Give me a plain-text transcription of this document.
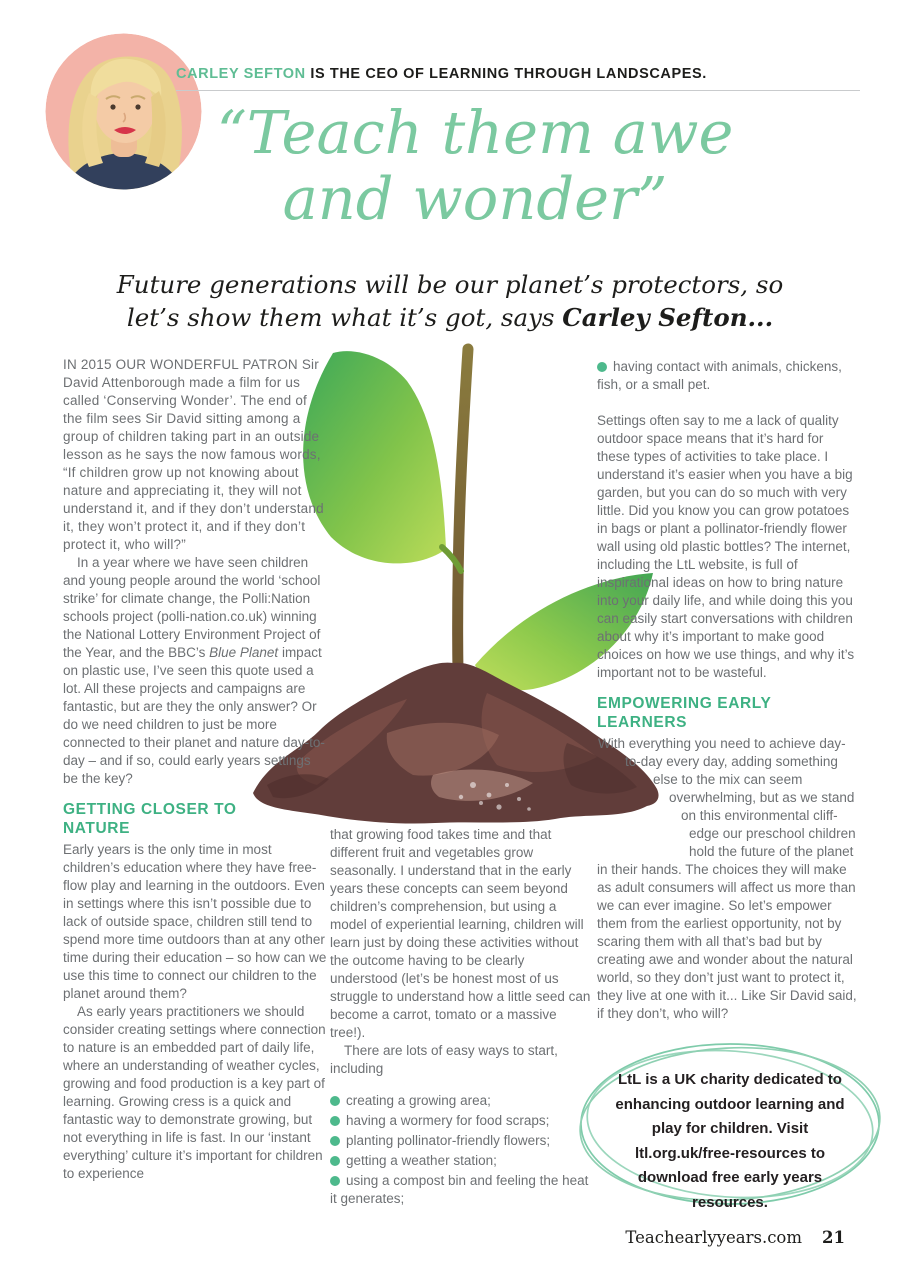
CARLEY SEFTON IS THE CEO OF LEARNING THROUGH LANDSCAPES.
“Teach them awe
and wonder”
Future generations will be our planet’s protectors, so
let’s show them what it’s got, says Carley Sefton...

IN 2015 OUR WONDERFUL PATRON Sir David Attenborough made a film for us called ‘Conserving Wonder’. The end of the film sees Sir David sitting among a group of children taking part in an outside lesson as he says the now famous words, “If children grow up not knowing about nature and appreciating it, they will not understand it, and if they don’t understand it, they won’t protect it, and if they don’t protect it, who will?”

In a year where we have seen children and young people around the world ‘school strike’ for climate change, the Polli:Nation schools project (polli-nation.co.uk) winning the National Lottery Environment Project of the Year, and the BBC’s Blue Planet impact on plastic use, I’ve seen this quote used a lot. All these projects and campaigns are fantastic, but are they the only answer? Or do we need children to just be more connected to their planet and nature day-to-day – and if so, could early years settings be the key?

GETTING CLOSER TO NATURE

Early years is the only time in most children’s education where they have free-flow play and learning in the outdoors. Even in settings where this isn’t possible due to lack of outside space, children still tend to spend more time outdoors than at any other time during their education – so how can we use this time to connect our children to the planet around them?

As early years practitioners we should consider creating settings where connection to nature is an embedded part of daily life, where an understanding of weather cycles, growing and food production is a key part of learning. Growing cress is a quick and fantastic way to demonstrate growing, but not everything in life is fast. In our ‘instant everything’ culture it’s important for children to experience

that growing food takes time and that different fruit and vegetables grow seasonally. I understand that in the early years these concepts can seem beyond children’s comprehension, but using a model of experiential learning, children will learn just by doing these activities without the outcome having to be clearly understood (let’s be honest most of us struggle to understand how a little seed can become a carrot, tomato or a massive tree!).

There are lots of easy ways to start, including

creating a growing area;
having a wormery for food scraps;
planting pollinator-friendly flowers;
getting a weather station;
using a compost bin and feeling the heat it generates;
having contact with animals, chickens, fish, or a small pet.

Settings often say to me a lack of quality outdoor space means that it’s hard for these types of activities to take place. I understand it’s easier when you have a big garden, but you can do so much with very little. Did you know you can grow potatoes in bags or plant a pollinator-friendly flower wall using old plastic bottles? The internet, including the LtL website, is full of inspirational ideas on how to bring nature into your daily life, and while doing this you can easily start conversations with children about why it’s important to make good choices on how we use things, and why it’s important not to be wasteful.

EMPOWERING EARLY LEARNERS

With everything you need to achieve day-to-day every day, adding something else to the mix can seem overwhelming, but as we stand on this environmental cliff-edge our preschool children hold the future of the planet in their hands. The choices they will make as adult consumers will affect us more than we can ever imagine. So let’s empower them from the earliest opportunity, not by scaring them with all that’s bad but by creating awe and wonder about the natural world, so they don’t just want to protect it, they live at one with it... Like Sir David said, if they don’t, who will?

LtL is a UK charity dedicated to enhancing outdoor learning and play for children. Visit ltl.org.uk/free-resources to download free early years resources.
Teachearlyyears.com 21
